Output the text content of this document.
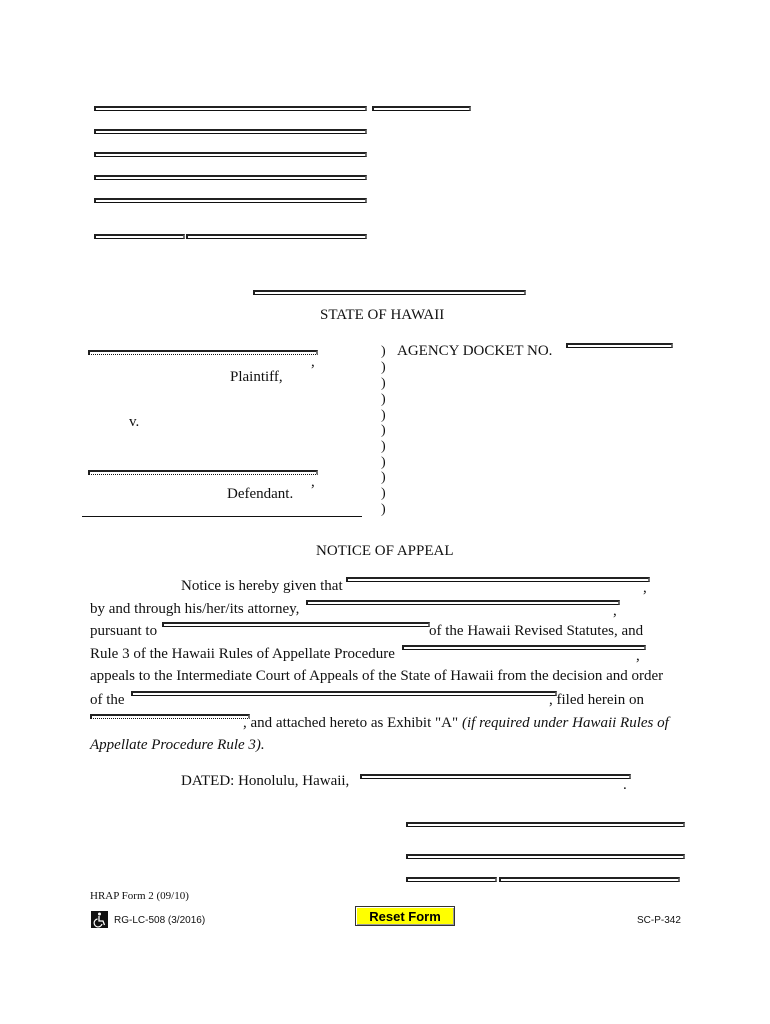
STATE OF HAWAII
)
)
)
)
)
)
)
)
)
)
)
,
Plaintiff,
AGENCY DOCKET NO.
v.
,
Defendant.
NOTICE OF APPEAL
Notice is hereby given that	,
by and through his/her/its attorney,	,
pursuant to	of the Hawaii Revised Statutes, and
Rule 3 of the Hawaii Rules of Appellate Procedure	,
appeals to the Intermediate Court of Appeals of the State of Hawaii from the decision and order
of the	, filed herein on
, and attached hereto as Exhibit "A" (if required under Hawaii Rules of
Appellate Procedure Rule 3).
DATED: Honolulu, Hawaii,	.
HRAP Form 2 (09/10)
RG-LC-508 (3/2016)	Reset Form	SC-P-342
